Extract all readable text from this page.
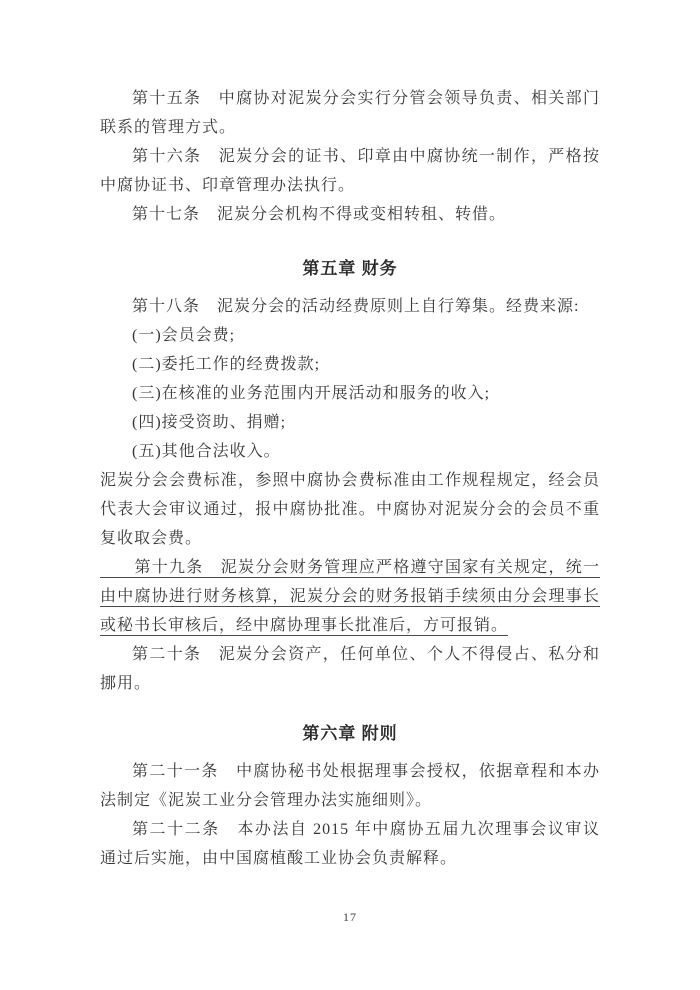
第十五条　中腐协对泥炭分会实行分管会领导负责、相关部门联系的管理方式。

第十六条　泥炭分会的证书、印章由中腐协统一制作，严格按中腐协证书、印章管理办法执行。

第十七条　泥炭分会机构不得或变相转租、转借。

第五章 财务

第十八条　泥炭分会的活动经费原则上自行筹集。经费来源:

(一)会员会费;

(二)委托工作的经费拨款;

(三)在核准的业务范围内开展活动和服务的收入;

(四)接受资助、捐赠;

(五)其他合法收入。

泥炭分会会费标准，参照中腐协会费标准由工作规程规定，经会员代表大会审议通过，报中腐协批准。中腐协对泥炭分会的会员不重复收取会费。

　　第十九条　泥炭分会财务管理应严格遵守国家有关规定，统一由中腐协进行财务核算，泥炭分会的财务报销手续须由分会理事长或秘书长审核后，经中腐协理事长批准后，方可报销。

第二十条　泥炭分会资产，任何单位、个人不得侵占、私分和挪用。

第六章 附则

第二十一条　中腐协秘书处根据理事会授权，依据章程和本办法制定《泥炭工业分会管理办法实施细则》。

第二十二条　本办法自 2015 年中腐协五届九次理事会议审议通过后实施，由中国腐植酸工业协会负责解释。

17
